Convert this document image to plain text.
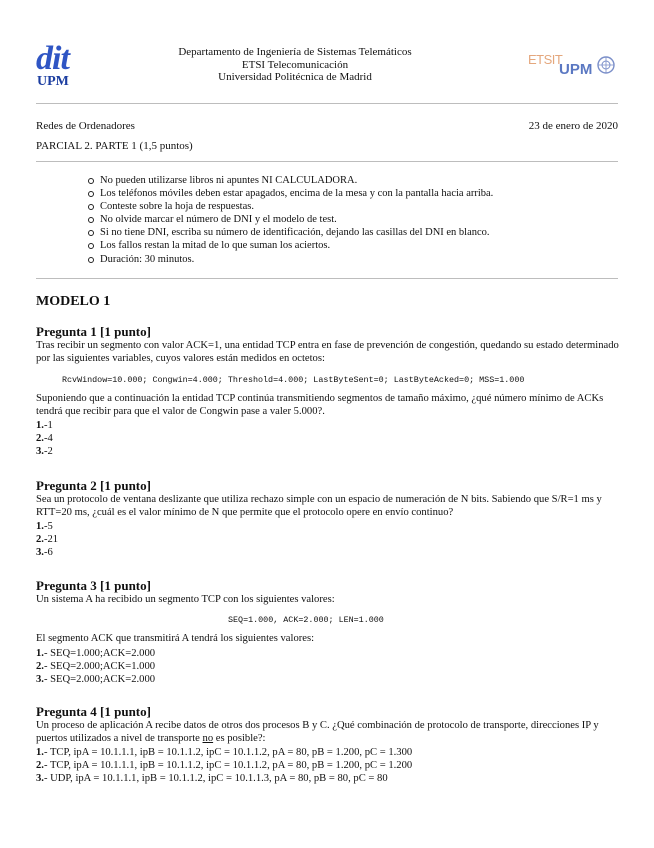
dit
UPM
Departamento de Ingeniería de Sistemas Telemáticos
ETSI Telecomunicación
Universidad Politécnica de Madrid
ETSIT
UPM
Redes de Ordenadores	23 de enero de 2020
PARCIAL 2. PARTE 1 (1,5 puntos)
No pueden utilizarse libros ni apuntes NI CALCULADORA.
Los teléfonos móviles deben estar apagados, encima de la mesa y con la pantalla hacia arriba.
Conteste sobre la hoja de respuestas.
No olvide marcar el número de DNI y el modelo de test.
Si no tiene DNI, escriba su número de identificación, dejando las casillas del DNI en blanco.
Los fallos restan la mitad de lo que suman los aciertos.
Duración: 30 minutos.
MODELO 1
Pregunta 1 [1 punto]
Tras recibir un segmento con valor ACK=1, una entidad TCP entra en fase de prevención de congestión, quedando su estado determinado por las siguientes variables, cuyos valores están medidos en octetos:
RcvWindow=10.000; Congwin=4.000; Threshold=4.000; LastByteSent=0; LastByteAcked=0; MSS=1.000
Suponiendo que a continuación la entidad TCP continúa transmitiendo segmentos de tamaño máximo, ¿qué número mínimo de ACKs tendrá que recibir para que el valor de Congwin pase a valer 5.000?.
1.-1
2.-4
3.-2
Pregunta 2 [1 punto]
Sea un protocolo de ventana deslizante que utiliza rechazo simple con un espacio de numeración de N bits. Sabiendo que S/R=1 ms y RTT=20 ms, ¿cuál es el valor mínimo de N que permite que el protocolo opere en envío continuo?
1.-5
2.-21
3.-6
Pregunta 3 [1 punto]
Un sistema A ha recibido un segmento TCP con los siguientes valores:
SEQ=1.000, ACK=2.000; LEN=1.000
El segmento ACK que transmitirá A tendrá los siguientes valores:
1.- SEQ=1.000;ACK=2.000
2.- SEQ=2.000;ACK=1.000
3.- SEQ=2.000;ACK=2.000
Pregunta 4 [1 punto]
Un proceso de aplicación A recibe datos de otros dos procesos B y C. ¿Qué combinación de protocolo de transporte, direcciones IP y puertos utilizados a nivel de transporte no es posible?:
1.- TCP, ipA = 10.1.1.1, ipB = 10.1.1.2, ipC = 10.1.1.2, pA = 80, pB = 1.200, pC = 1.300
2.- TCP, ipA = 10.1.1.1, ipB = 10.1.1.2, ipC = 10.1.1.2, pA = 80, pB = 1.200, pC = 1.200
3.- UDP, ipA = 10.1.1.1, ipB = 10.1.1.2, ipC = 10.1.1.3, pA = 80, pB = 80, pC = 80
